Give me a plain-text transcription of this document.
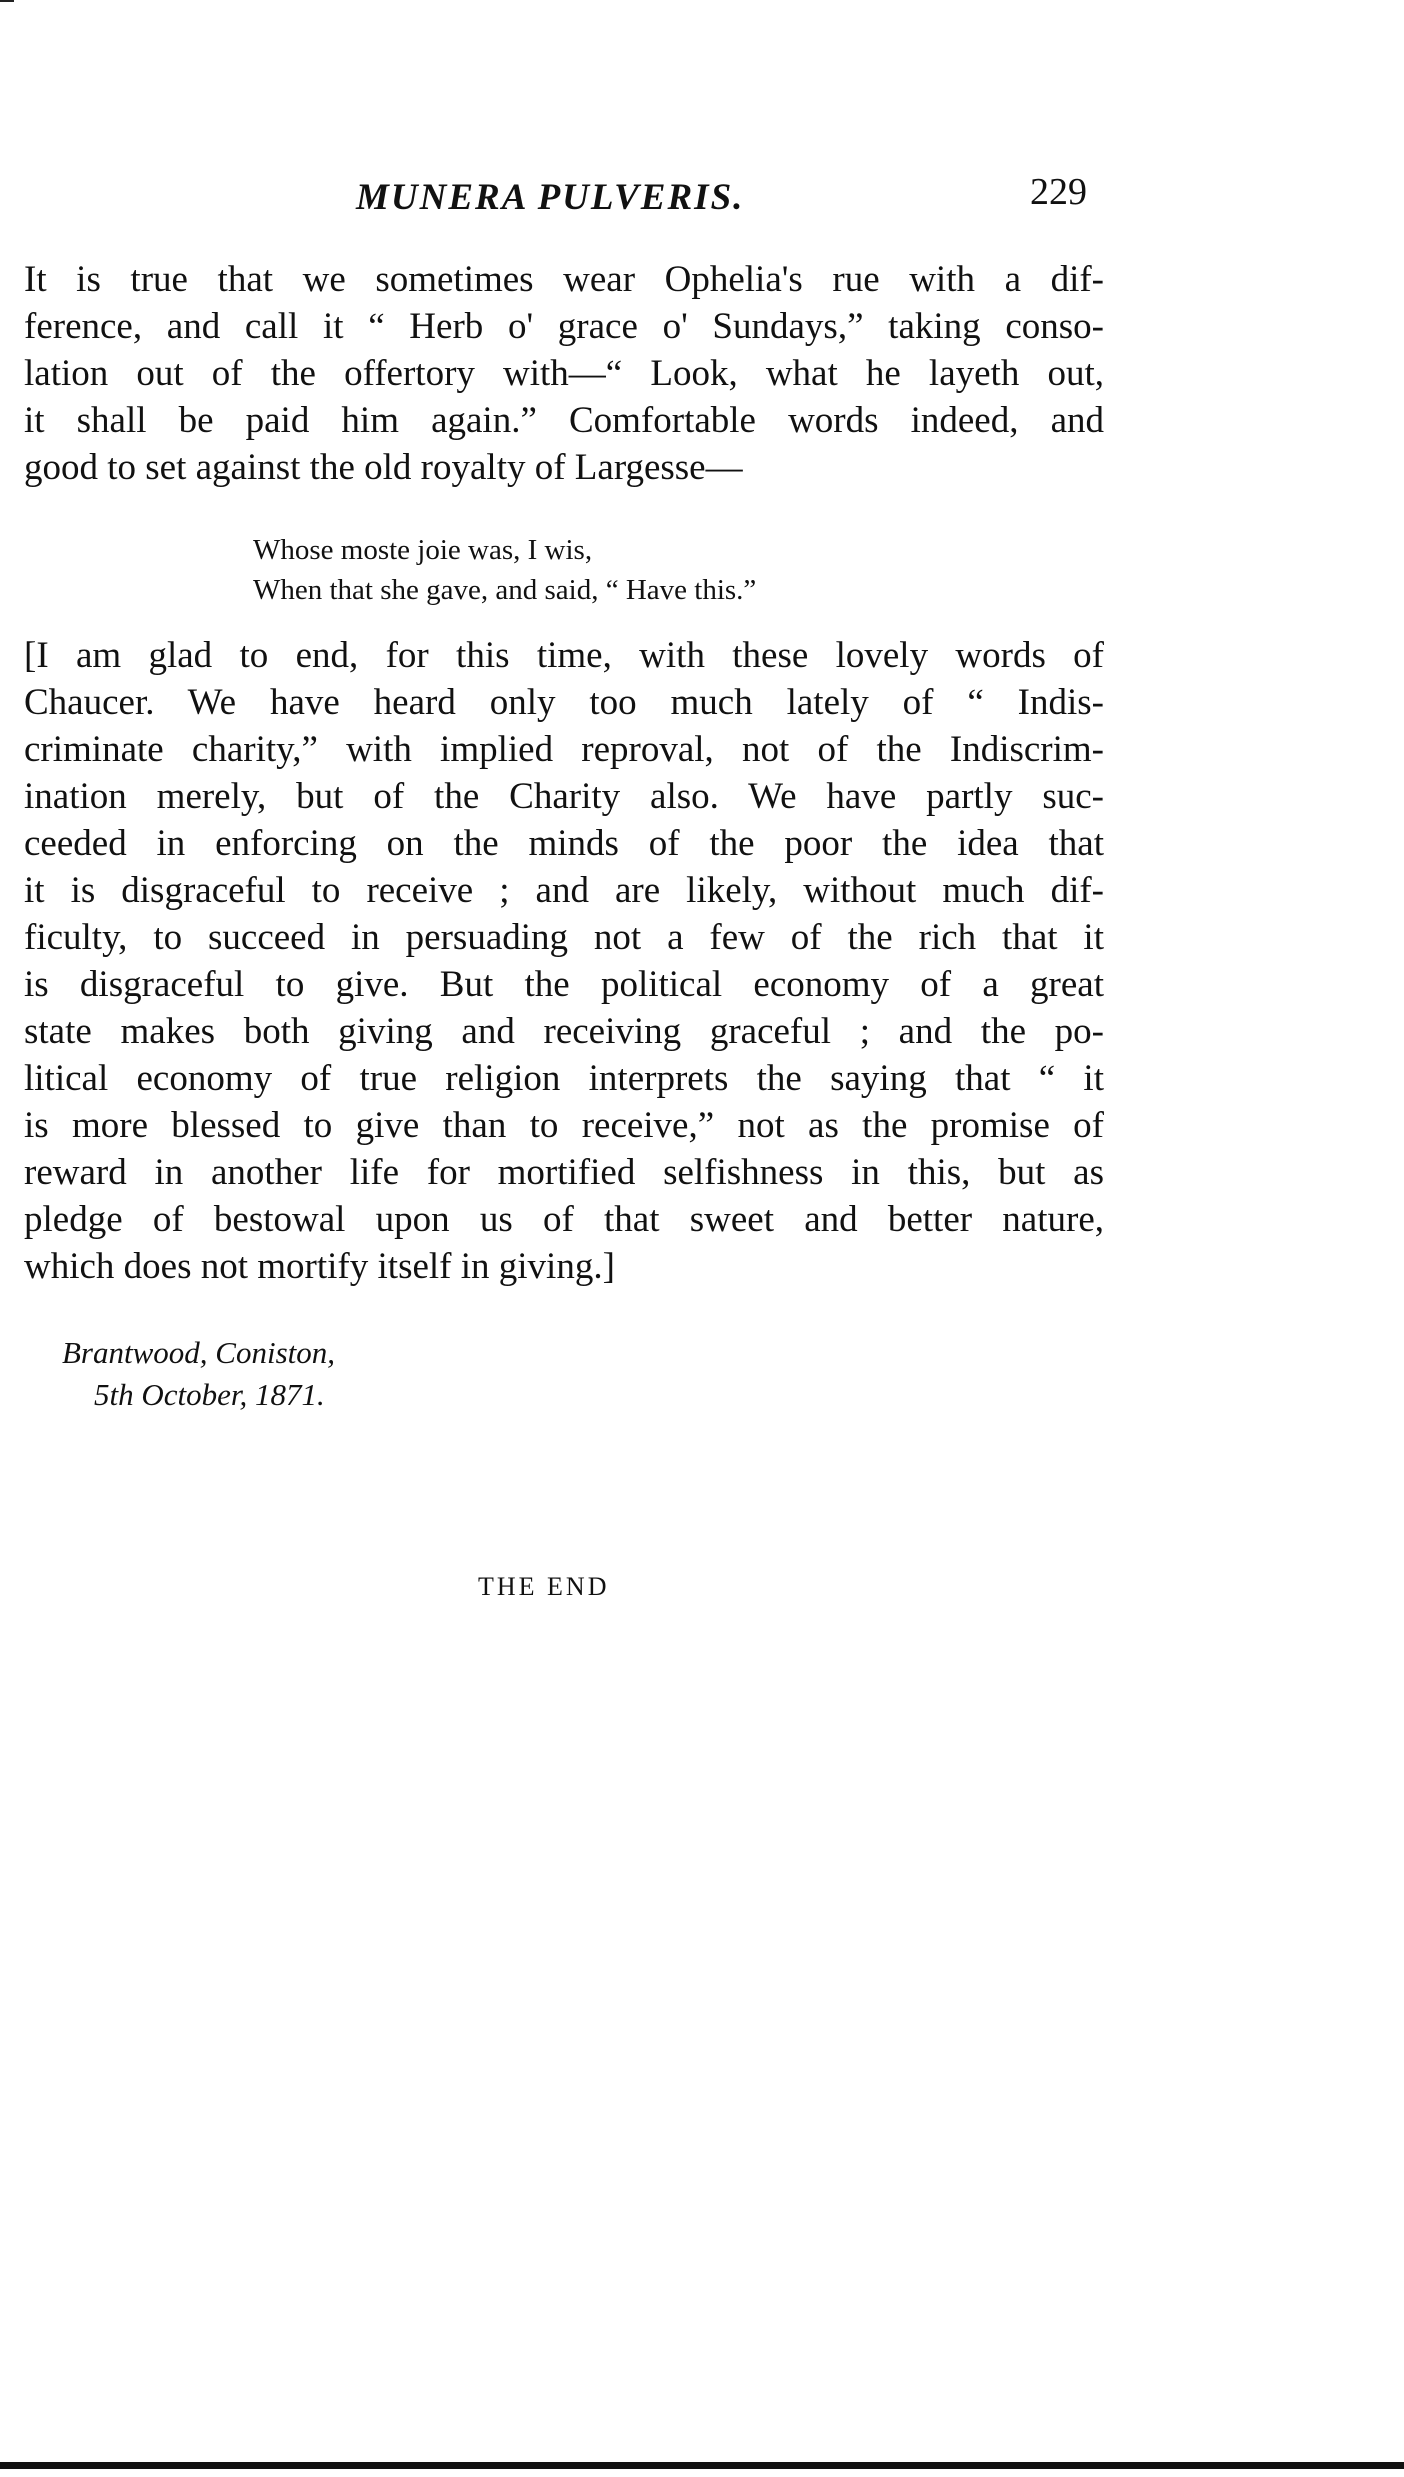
MUNERA PULVERIS.	229
It is true that we sometimes wear Ophelia's rue with a dif-
ference, and call it “ Herb o' grace o' Sundays,” taking conso-
lation out of the offertory with—“ Look, what he layeth out,
it shall be paid him again.” Comfortable words indeed, and
good to set against the old royalty of Largesse—
Whose moste joie was, I wis,
When that she gave, and said, “ Have this.”
[I am glad to end, for this time, with these lovely words of
Chaucer. We have heard only too much lately of “ Indis-
criminate charity,” with implied reproval, not of the Indiscrim-
ination merely, but of the Charity also. We have partly suc-
ceeded in enforcing on the minds of the poor the idea that
it is disgraceful to receive ; and are likely, without much dif-
ficulty, to succeed in persuading not a few of the rich that it
is disgraceful to give. But the political economy of a great
state makes both giving and receiving graceful ; and the po-
litical economy of true religion interprets the saying that “ it
is more blessed to give than to receive,” not as the promise of
reward in another life for mortified selfishness in this, but as
pledge of bestowal upon us of that sweet and better nature,
which does not mortify itself in giving.]
Brantwood, Coniston,
5th October, 1871.
THE END
